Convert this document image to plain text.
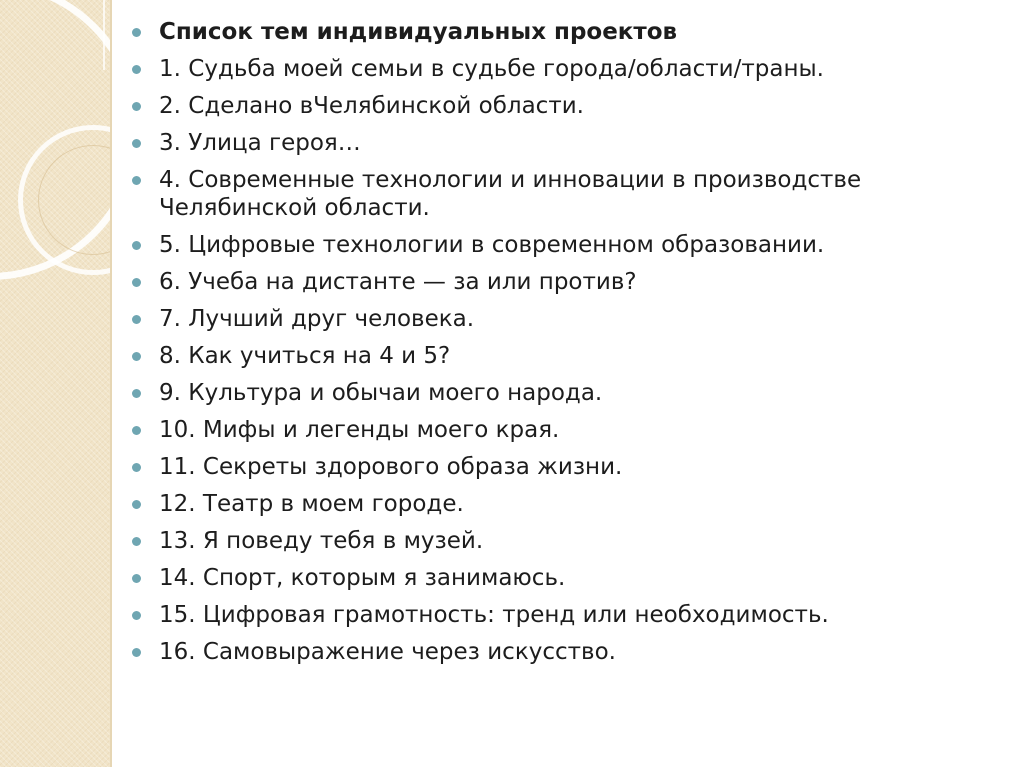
Список тем индивидуальных проектов
1. Судьба моей семьи в судьбе города/области/траны.
2. Сделано вЧелябинской области.
3. Улица героя…
4. Современные технологии и инновации в производстве Челябинской области.
5. Цифровые технологии в современном образовании.
6. Учеба на дистанте — за или против?
7. Лучший друг человека.
8. Как учиться на 4 и 5?
9. Культура и обычаи моего народа.
10. Мифы и легенды моего края.
11. Секреты здорового образа жизни.
12. Театр в моем городе.
13. Я поведу тебя в музей.
14. Спорт, которым я занимаюсь.
15. Цифровая грамотность: тренд или необходимость.
16. Самовыражение через искусство.
